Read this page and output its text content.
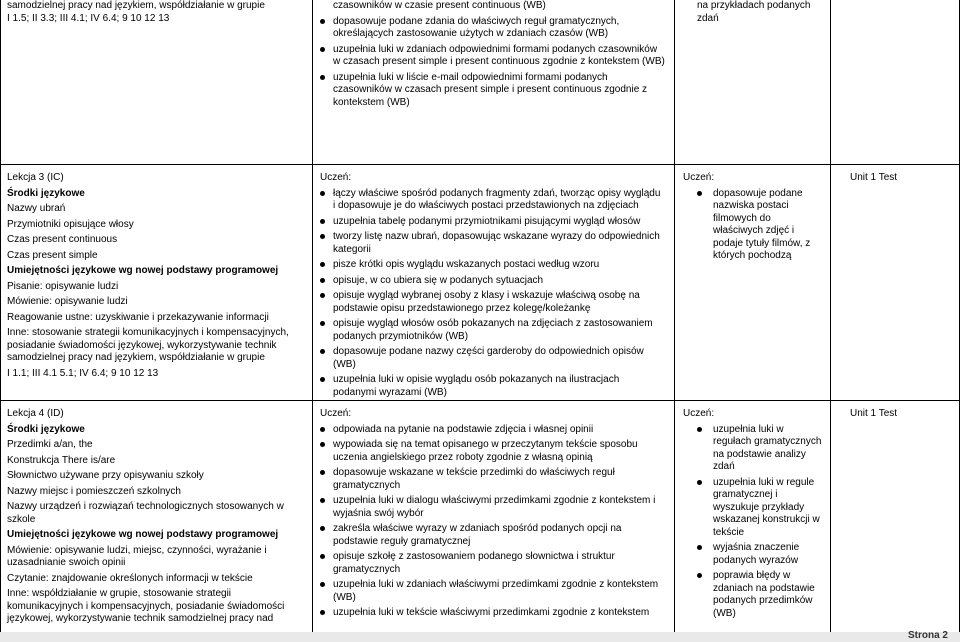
samodzielnej pracy nad językiem, współdziałanie w grupie

I 1.5; II 3.3; III 4.1; IV 6.4; 9 10 12 13

czasowników w czasie present continuous (WB)

dopasowuje podane zdania do właściwych reguł gramatycznych, określających zastosowanie użytych w zdaniach czasów (WB)
uzupełnia luki w zdaniach odpowiednimi formami podanych czasowników w czasach present simple i present continuous zgodnie z kontekstem (WB)
uzupełnia luki w liście e-mail odpowiednimi formami podanych czasowników w czasach present simple i present continuous zgodnie z kontekstem (WB)

na przykładach podanych zdań

Lekcja 3 (IC)

Środki językowe

Nazwy ubrań

Przymiotniki opisujące włosy

Czas present continuous

Czas present simple

Umiejętności językowe wg nowej podstawy programowej

Pisanie: opisywanie ludzi

Mówienie: opisywanie ludzi

Reagowanie ustne: uzyskiwanie i przekazywanie informacji

Inne: stosowanie strategii komunikacyjnych i kompensacyjnych, posiadanie świadomości językowej, wykorzystywanie technik samodzielnej pracy nad językiem, współdziałanie w grupie

I 1.1; III 4.1 5.1; IV 6.4; 9 10 12 13

Uczeń:

łączy właściwe spośród podanych fragmenty zdań, tworząc opisy wyglądu i dopasowuje je do właściwych postaci przedstawionych na zdjęciach
uzupełnia tabelę podanymi przymiotnikami pisującymi wygląd włosów
tworzy listę nazw ubrań, dopasowując wskazane wyrazy do odpowiednich kategorii
pisze krótki opis wyglądu wskazanych postaci według wzoru
opisuje, w co ubiera się w podanych sytuacjach
opisuje wygląd wybranej osoby z klasy i wskazuje właściwą osobę na podstawie opisu przedstawionego przez kolegę/koleżankę
opisuje wygląd włosów osób pokazanych na zdjęciach z zastosowaniem podanych przymiotników (WB)
dopasowuje podane nazwy części garderoby do odpowiednich opisów (WB)
uzupełnia luki w opisie wyglądu osób pokazanych na ilustracjach podanymi wyrazami (WB)

Uczeń:

dopasowuje podane nazwiska postaci filmowych do właściwych zdjęć i podaje tytuły filmów, z których pochodzą

Unit 1 Test

Lekcja 4 (ID)

Środki językowe

Przedimki a/an, the

Konstrukcja There is/are

Słownictwo używane przy opisywaniu szkoły

Nazwy miejsc i pomieszczeń szkolnych

Nazwy urządzeń i rozwiązań technologicznych stosowanych w szkole

Umiejętności językowe wg nowej podstawy programowej

Mówienie: opisywanie ludzi, miejsc, czynności, wyrażanie i uzasadnianie swoich opinii

Czytanie: znajdowanie określonych informacji w tekście

Inne: współdziałanie w grupie, stosowanie strategii komunikacyjnych i kompensacyjnych, posiadanie świadomości językowej, wykorzystywanie technik samodzielnej pracy nad

Uczeń:

odpowiada na pytanie na podstawie zdjęcia i własnej opinii
wypowiada się na temat opisanego w przeczytanym tekście sposobu uczenia angielskiego przez roboty zgodnie z własną opinią
dopasowuje wskazane w tekście przedimki do właściwych reguł gramatycznych
uzupełnia luki w dialogu właściwymi przedimkami zgodnie z kontekstem i wyjaśnia swój wybór
zakreśla właściwe wyrazy w zdaniach spośród podanych opcji na podstawie reguły gramatycznej
opisuje szkołę z zastosowaniem podanego słownictwa i struktur gramatycznych
uzupełnia luki w zdaniach właściwymi przedimkami zgodnie z kontekstem (WB)
uzupełnia luki w tekście właściwymi przedimkami zgodnie z kontekstem

Uczeń:

uzupełnia luki w regułach gramatycznych na podstawie analizy zdań
uzupełnia luki w regule gramatycznej i wyszukuje przykłady wskazanej konstrukcji w tekście
wyjaśnia znaczenie podanych wyrazów
poprawia błędy w zdaniach na podstawie podanych przedimków (WB)

Unit 1 Test

Strona 2
